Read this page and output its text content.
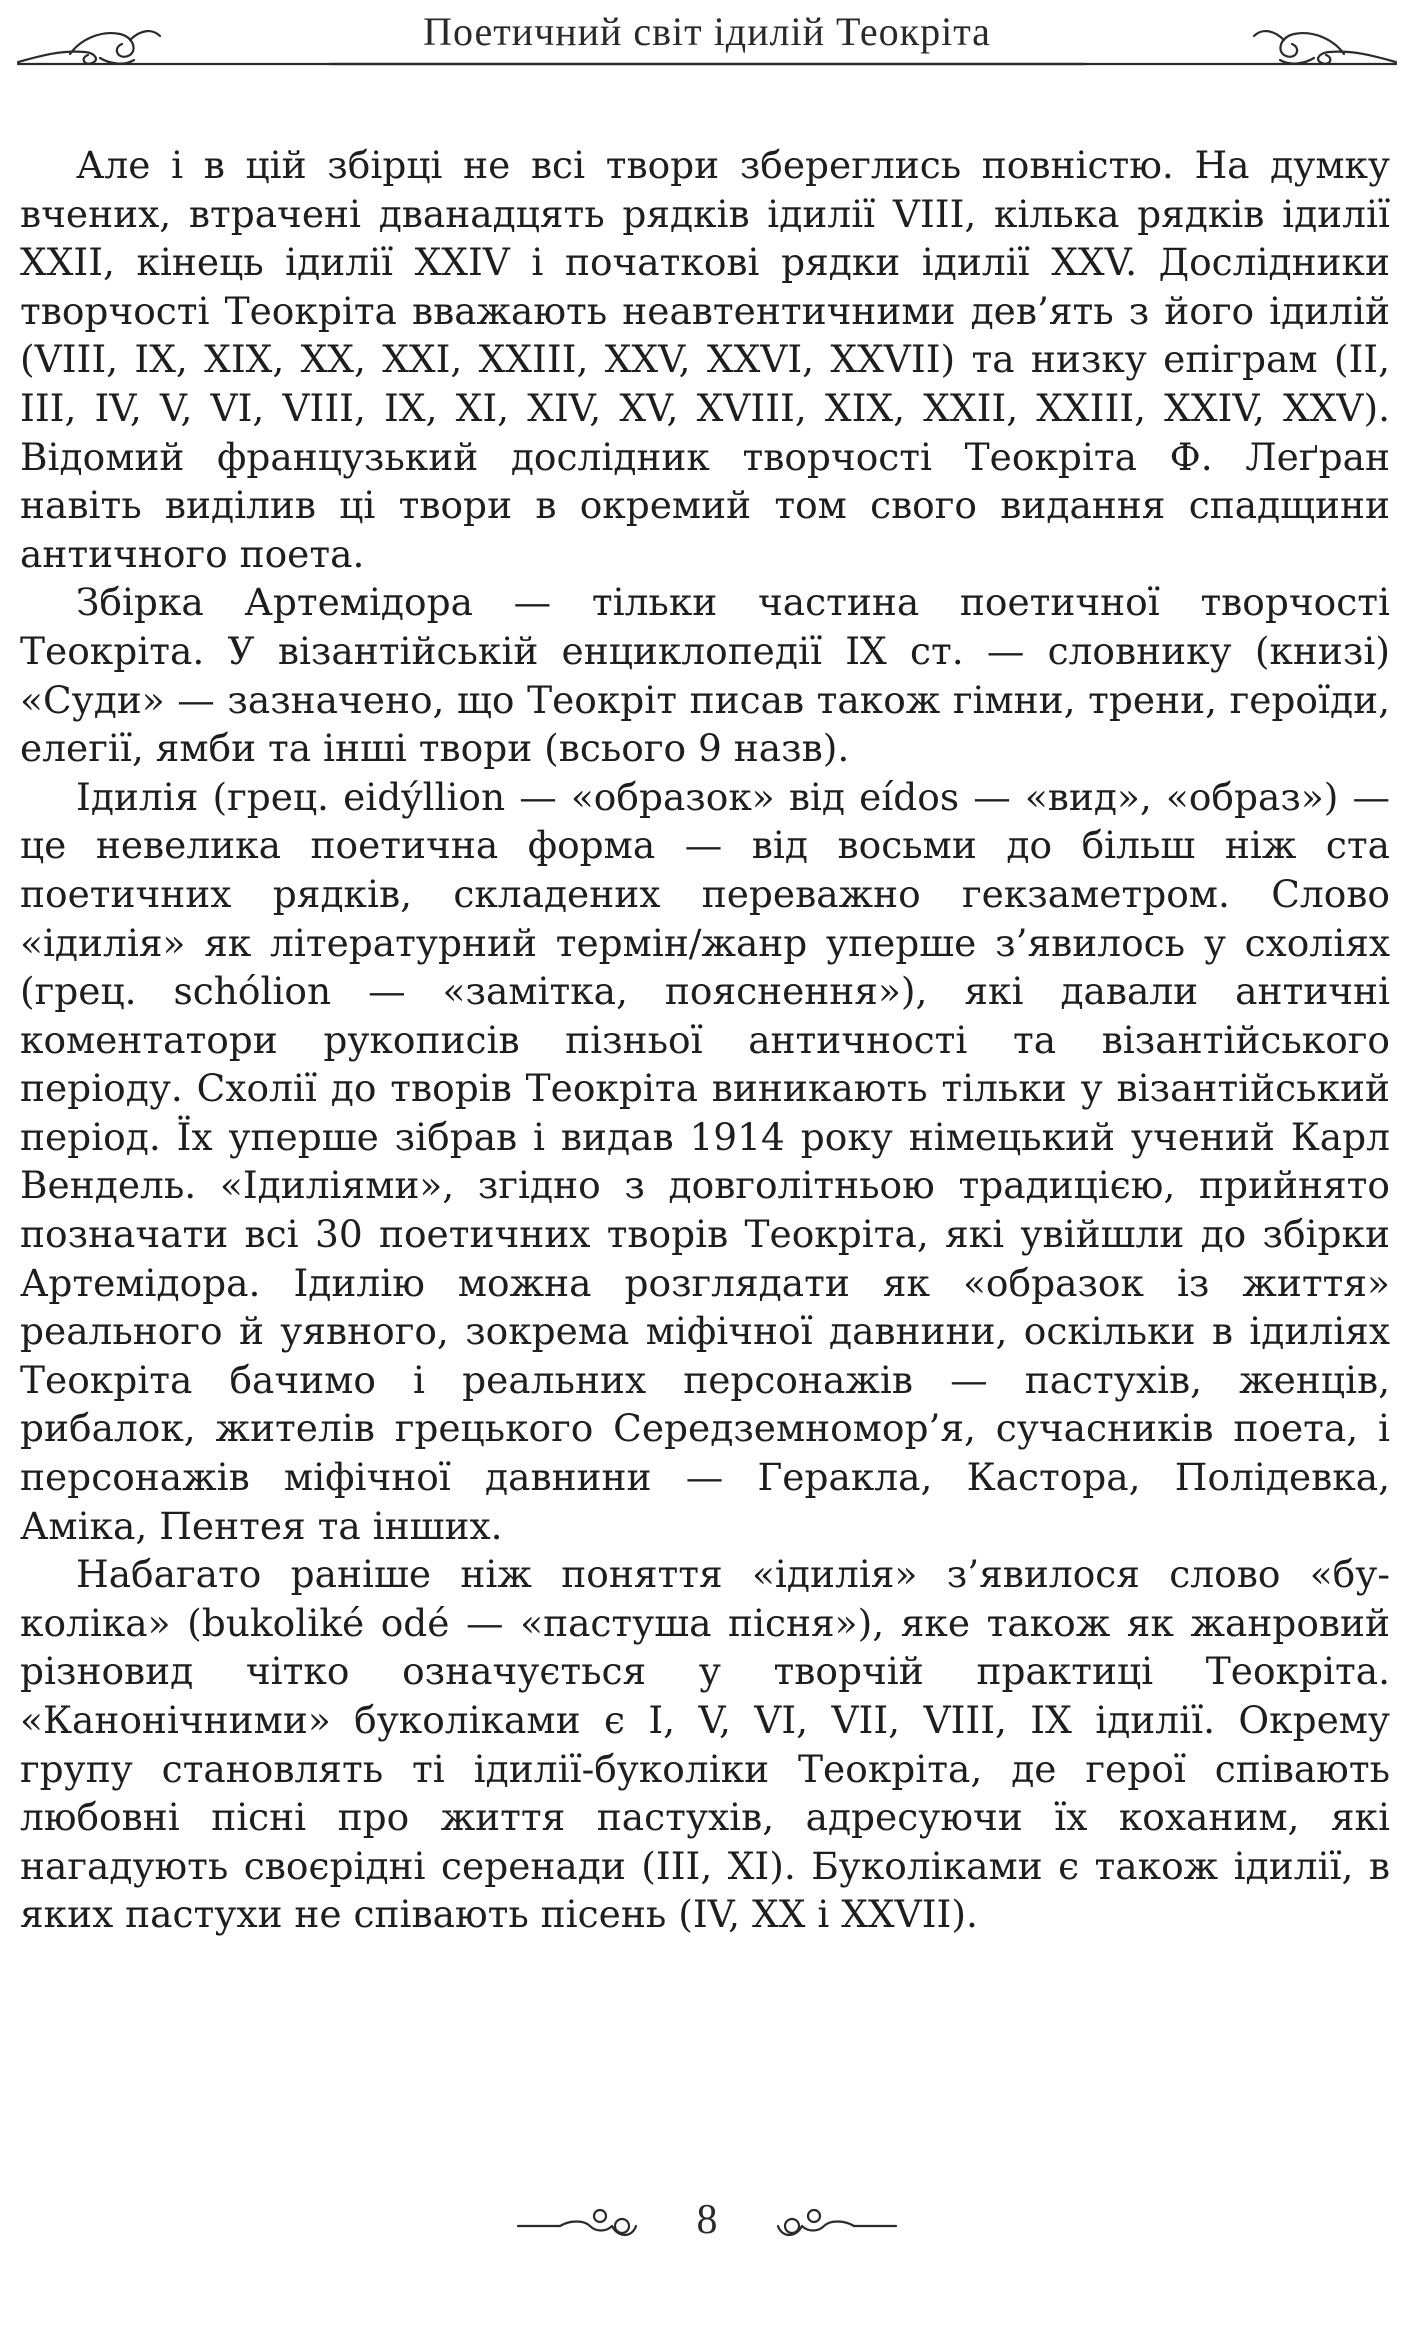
Поетичний світ ідилій Теокріта

Але і в цій збірці не всі твори збереглись повністю. На думку вчених, втрачені дванадцять рядків ідилії VIII, кілька рядків ідилії XXII, кінець ідилії XXIV і початкові рядки ідилії XXV. Дослідники творчості Теокріта вважають неавтентичними дев’ять з його ідилій (VIII, IX, XIX, XX, XXI, XXIII, XXV, XXVI, XXVII) та низку епіграм (II, III, IV, V, VI, VIII, IX, XI, XIV, XV, XVIII, XIX, XXII, XXIII, XXIV, XXV). Відомий французький дослідник творчості Теокріта Ф. Леґран навіть виділив ці твори в окремий том свого видання спадщини античного поета.

Збірка Артемідора — тільки частина поетичної творчості Теокріта. У візантійській енциклопедії IX ст. — словнику (книзі) «Суди» — зазначено, що Теокріт писав також гімни, трени, героїди, елегії, ямби та інші твори (всього 9 назв).

Ідилія (грец. eidýllion — «образок» від eídos — «вид», «образ») — це невелика поетична форма — від восьми до більш ніж ста поетичних рядків, складених переважно гекзаметром. Слово «ідилія» як літературний термін/жанр уперше з’явилось у схоліях (грец. schólion — «замітка, пояснення»), які давали античні коментатори рукописів пізньої античності та візантійського періоду. Схолії до творів Теокріта виникають тільки у візантійський період. Їх уперше зібрав і видав 1914 року німецький учений Карл Вендель. «Ідиліями», згідно з довголітньою традицією, прийнято позначати всі 30 поетичних творів Теокріта, які увійшли до збірки Артемідора. Ідилію можна розглядати як «образок із життя» реального й уявного, зокрема міфічної давнини, оскільки в ідиліях Теокріта бачимо і реальних персонажів — пастухів, женців, рибалок, жителів грецького Середземномор’я, сучасників поета, і персонажів міфічної давнини — Геракла, Кастора, Полідевка, Аміка, Пентея та інших.

Набагато раніше ніж поняття «ідилія» з’явилося слово «буколіка» (bukoliké odé — «пастуша пісня»), яке також як жанровий різновид чітко означується у творчій практиці Теокріта. «Канонічними» буколіками є I, V, VI, VII, VIII, IX ідилії. Окрему групу становлять ті ідилії-буколіки Теокріта, де герої співають любовні пісні про життя пастухів, адресуючи їх коханим, які нагадують своєрідні серенади (III, XI). Буколіками є також ідилії, в яких пастухи не співають пісень (IV, XX і XXVII).

8
